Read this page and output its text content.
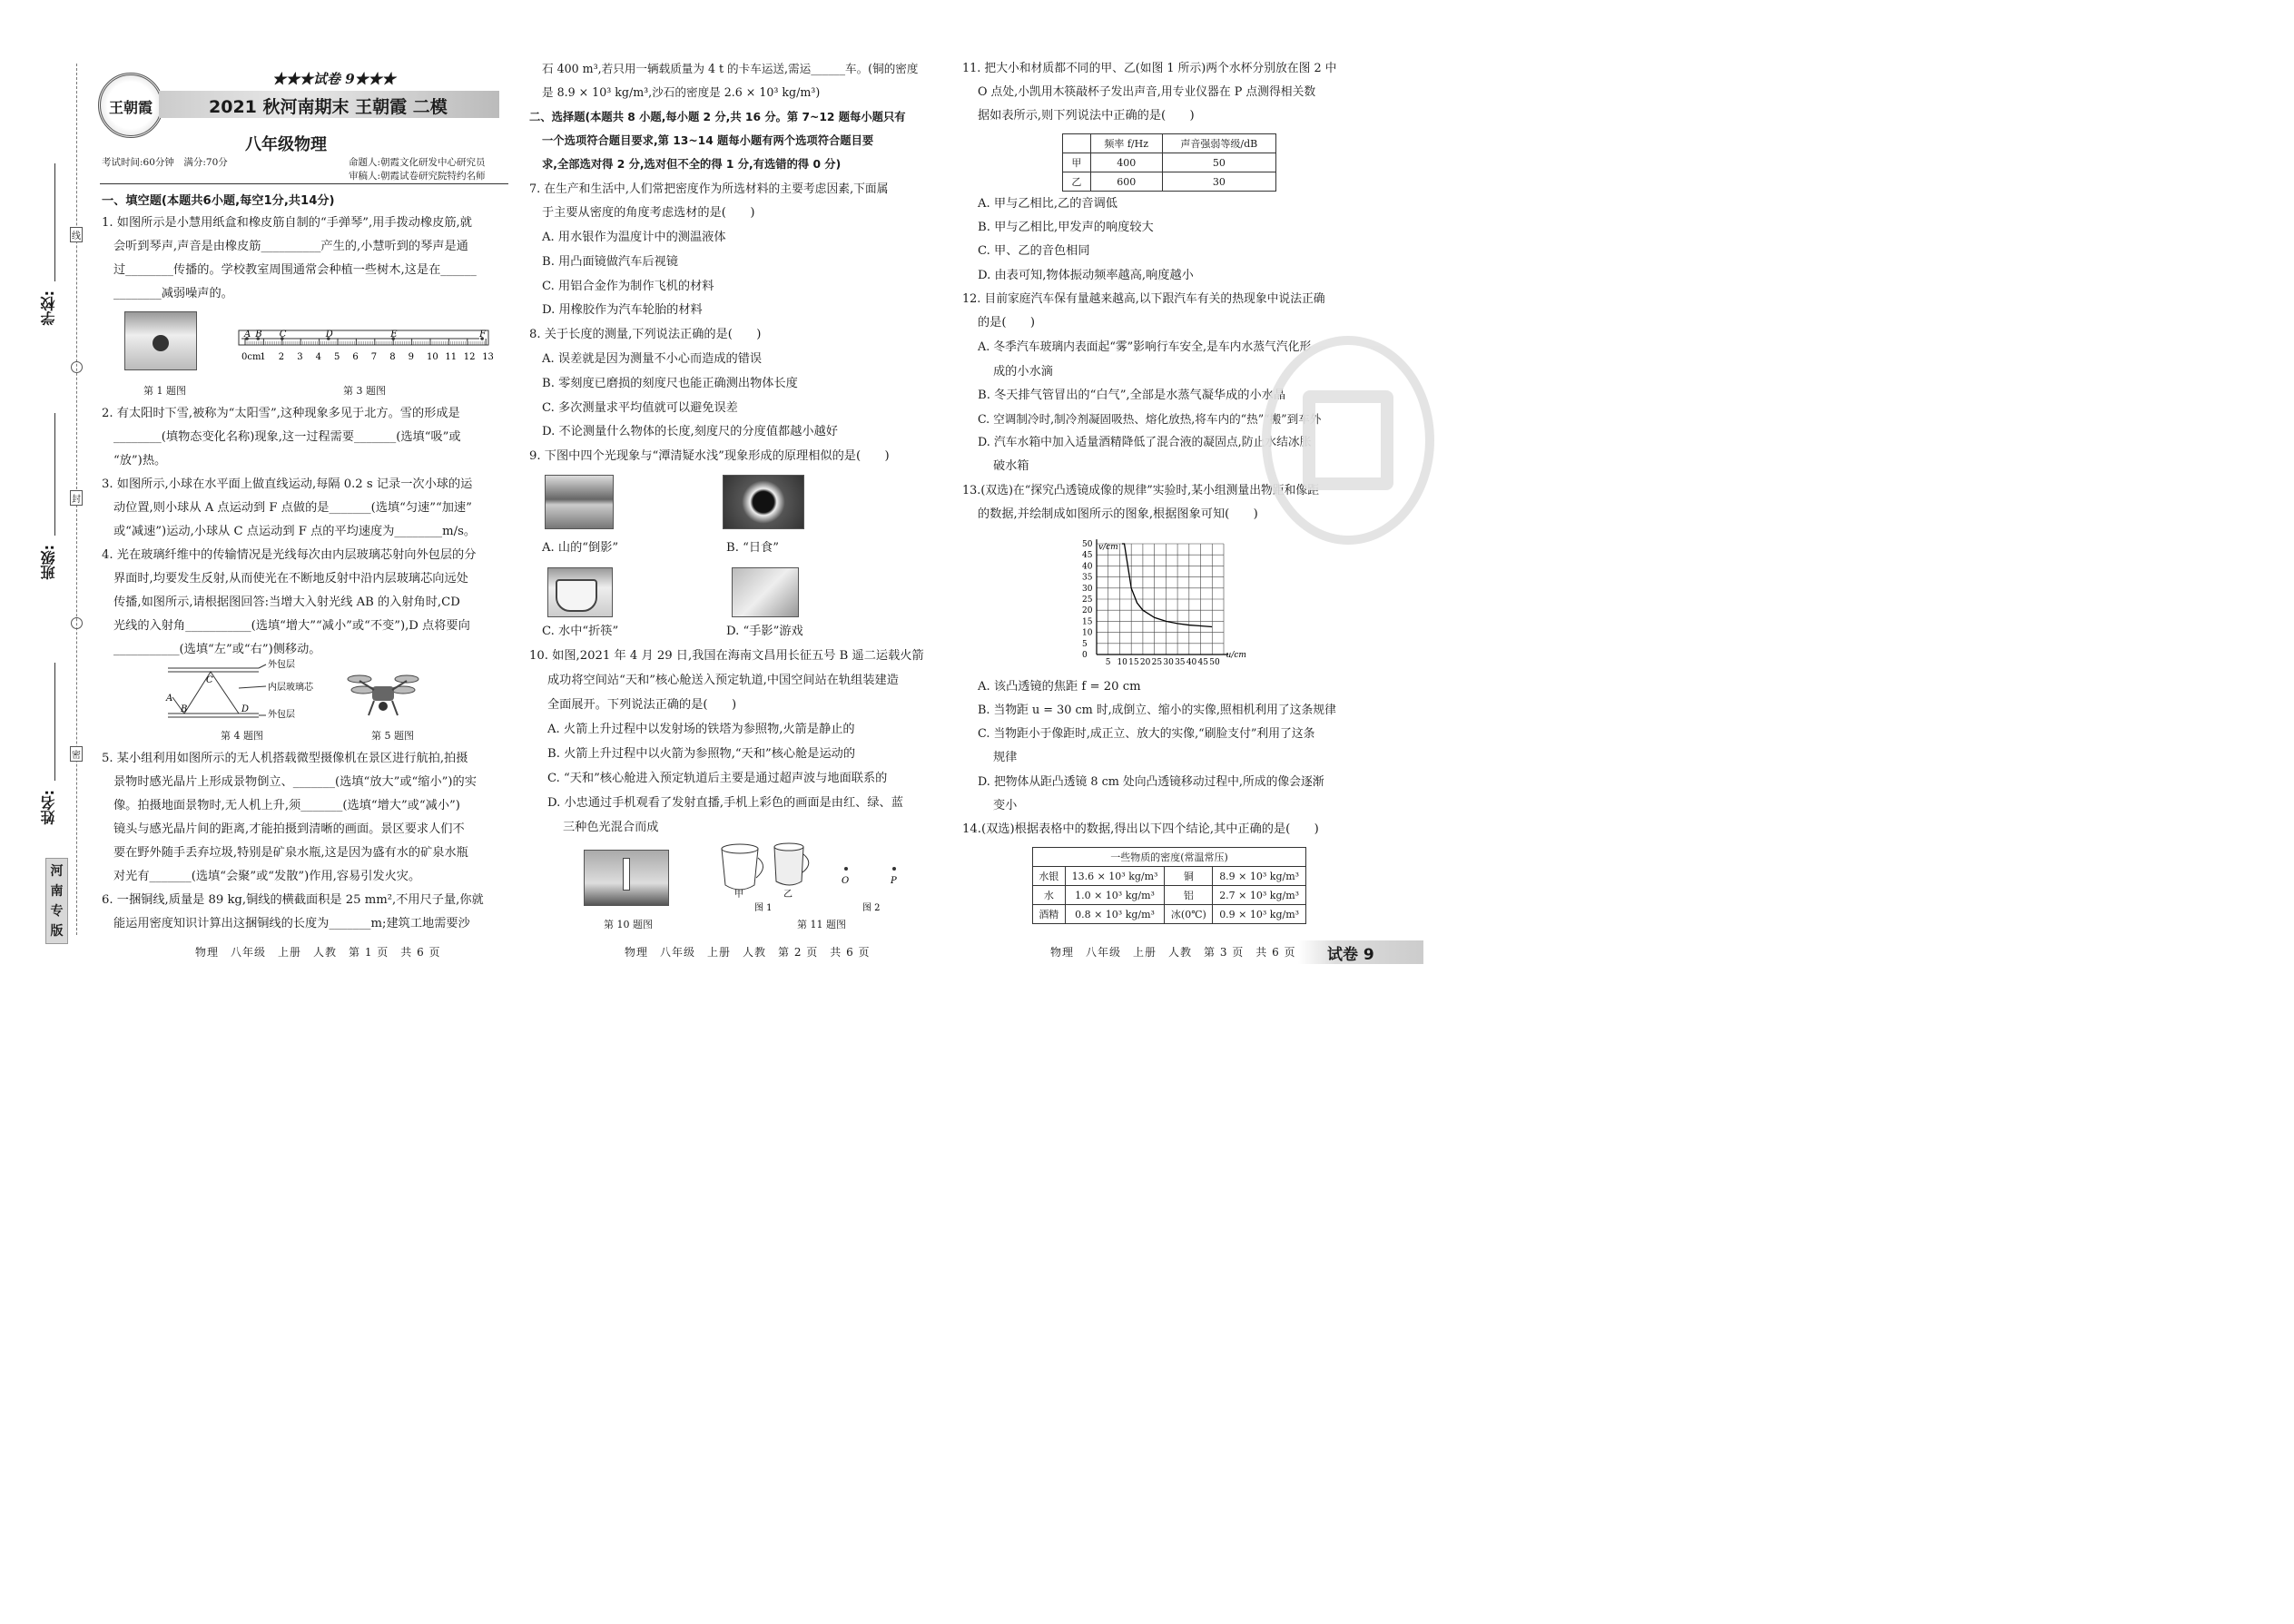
学校:
班级:
姓名:
线
封
密
河
南
专
版
王朝霞
★★★试卷 9★★★
2021 秋河南期末 王朝霞 二模
八年级物理
考试时间:60分钟　满分:70分	命题人:朝霞文化研发中心研究员
审稿人:朝霞试卷研究院特约名师
一、填空题(本题共6小题,每空1分,共14分)
1. 如图所示是小慧用纸盒和橡皮筋自制的“手弹琴”,用手拨动橡皮筋,就
会听到琴声,声音是由橡皮筋__________产生的,小慧听到的琴声是通
过________传播的。学校教室周围通常会种植一些树木,这是在______
________减弱噪声的。
第 1 题图
0cm
1 2 3 4 5 6 7 8 9 10 11 12 13
A B C	D	E	F
第 3 题图
2. 有太阳时下雪,被称为“太阳雪”,这种现象多见于北方。雪的形成是
________(填物态变化名称)现象,这一过程需要_______(选填“吸”或
“放”)热。
3. 如图所示,小球在水平面上做直线运动,每隔 0.2 s 记录一次小球的运
动位置,则小球从 A 点运动到 F 点做的是_______(选填“匀速”“加速”
或“减速”)运动,小球从 C 点运动到 F 点的平均速度为________m/s。
4. 光在玻璃纤维中的传输情况是光线每次由内层玻璃芯射向外包层的分
界面时,均要发生反射,从而使光在不断地反射中沿内层玻璃芯向远处
传播,如图所示,请根据图回答:当增大入射光线 AB 的入射角时,CD
光线的入射角___________(选填“增大”“减小”或“不变”),D 点将要向
___________(选填“左”或“右”)侧移动。
外包层
内层玻璃芯
外包层
A
B
C
D
第 4 题图	第 5 题图
5. 某小组利用如图所示的无人机搭载微型摄像机在景区进行航拍,拍摄
景物时感光晶片上形成景物倒立、_______(选填“放大”或“缩小”)的实
像。拍摄地面景物时,无人机上升,须_______(选填“增大”或“减小”)
镜头与感光晶片间的距离,才能拍摄到清晰的画面。景区要求人们不
要在野外随手丢弃垃圾,特别是矿泉水瓶,这是因为盛有水的矿泉水瓶
对光有_______(选填“会聚”或“发散”)作用,容易引发火灾。
6. 一捆铜线,质量是 89 kg,铜线的横截面积是 25 mm²,不用尺子量,你就
能运用密度知识计算出这捆铜线的长度为_______m;建筑工地需要沙
石 400 m³,若只用一辆载质量为 4 t 的卡车运送,需运______车。(铜的密度
是 8.9 × 10³ kg/m³,沙石的密度是 2.6 × 10³ kg/m³)
二、选择题(本题共 8 小题,每小题 2 分,共 16 分。第 7~12 题每小题只有
一个选项符合题目要求,第 13~14 题每小题有两个选项符合题目要
求,全部选对得 2 分,选对但不全的得 1 分,有选错的得 0 分)
7. 在生产和生活中,人们常把密度作为所选材料的主要考虑因素,下面属
于主要从密度的角度考虑选材的是(　　)
A. 用水银作为温度计中的测温液体
B. 用凸面镜做汽车后视镜
C. 用铝合金作为制作飞机的材料
D. 用橡胶作为汽车轮胎的材料
8. 关于长度的测量,下列说法正确的是(　　)
A. 误差就是因为测量不小心而造成的错误
B. 零刻度已磨损的刻度尺也能正确测出物体长度
C. 多次测量求平均值就可以避免误差
D. 不论测量什么物体的长度,刻度尺的分度值都越小越好
9. 下图中四个光现象与“潭清疑水浅”现象形成的原理相似的是(　　)
A. 山的“倒影”	B. “日食”
C. 水中“折筷”	D. “手影”游戏
10. 如图,2021 年 4 月 29 日,我国在海南文昌用长征五号 B 遥二运载火箭
成功将空间站“天和”核心舱送入预定轨道,中国空间站在轨组装建造
全面展开。下列说法正确的是(　　)
A. 火箭上升过程中以发射场的铁塔为参照物,火箭是静止的
B. 火箭上升过程中以火箭为参照物,“天和”核心舱是运动的
C. “天和”核心舱进入预定轨道后主要是通过超声波与地面联系的
D. 小忠通过手机观看了发射直播,手机上彩色的画面是由红、绿、蓝
三种色光混合而成
第 10 题图
甲	乙
图 1
O	P
图 2
第 11 题图
11. 把大小和材质都不同的甲、乙(如图 1 所示)两个水杯分别放在图 2 中
O 点处,小凯用木筷敲杯子发出声音,用专业仪器在 P 点测得相关数
据如表所示,则下列说法中正确的是(　　)
	频率 f/Hz	声音强弱等级/dB
甲	400	50
乙	600	30
A. 甲与乙相比,乙的音调低
B. 甲与乙相比,甲发声的响度较大
C. 甲、乙的音色相同
D. 由表可知,物体振动频率越高,响度越小
12. 目前家庭汽车保有量越来越高,以下跟汽车有关的热现象中说法正确
的是(　　)
A. 冬季汽车玻璃内表面起“雾”影响行车安全,是车内水蒸气汽化形
成的小水滴
B. 冬天排气管冒出的“白气”,全部是水蒸气凝华成的小水晶
C. 空调制冷时,制冷剂凝固吸热、熔化放热,将车内的“热”“搬”到车外
D. 汽车水箱中加入适量酒精降低了混合液的凝固点,防止水结冰胀
破水箱
13.(双选)在“探究凸透镜成像的规律”实验时,某小组测量出物距和像距
的数据,并绘制成如图所示的图象,根据图象可知(　　)
0
5
10
15
20
25
30
35
40
45
50
5 10 15 20 25 30 35 40 45 50
v/cm
u/cm
A. 该凸透镜的焦距 f = 20 cm
B. 当物距 u = 30 cm 时,成倒立、缩小的实像,照相机利用了这条规律
C. 当物距小于像距时,成正立、放大的实像,“刷脸支付”利用了这条
规律
D. 把物体从距凸透镜 8 cm 处向凸透镜移动过程中,所成的像会逐渐
变小
14.(双选)根据表格中的数据,得出以下四个结论,其中正确的是(　　)
一些物质的密度(常温常压)			
水银	13.6 × 10³ kg/m³	铜	8.9 × 10³ kg/m³
水	1.0 × 10³ kg/m³	铝	2.7 × 10³ kg/m³
酒精	0.8 × 10³ kg/m³	冰(0℃)	0.9 × 10³ kg/m³
物理　八年级　上册　人教　第 1 页　共 6 页	物理　八年级　上册　人教　第 2 页　共 6 页	物理　八年级　上册　人教　第 3 页　共 6 页 试卷 9
